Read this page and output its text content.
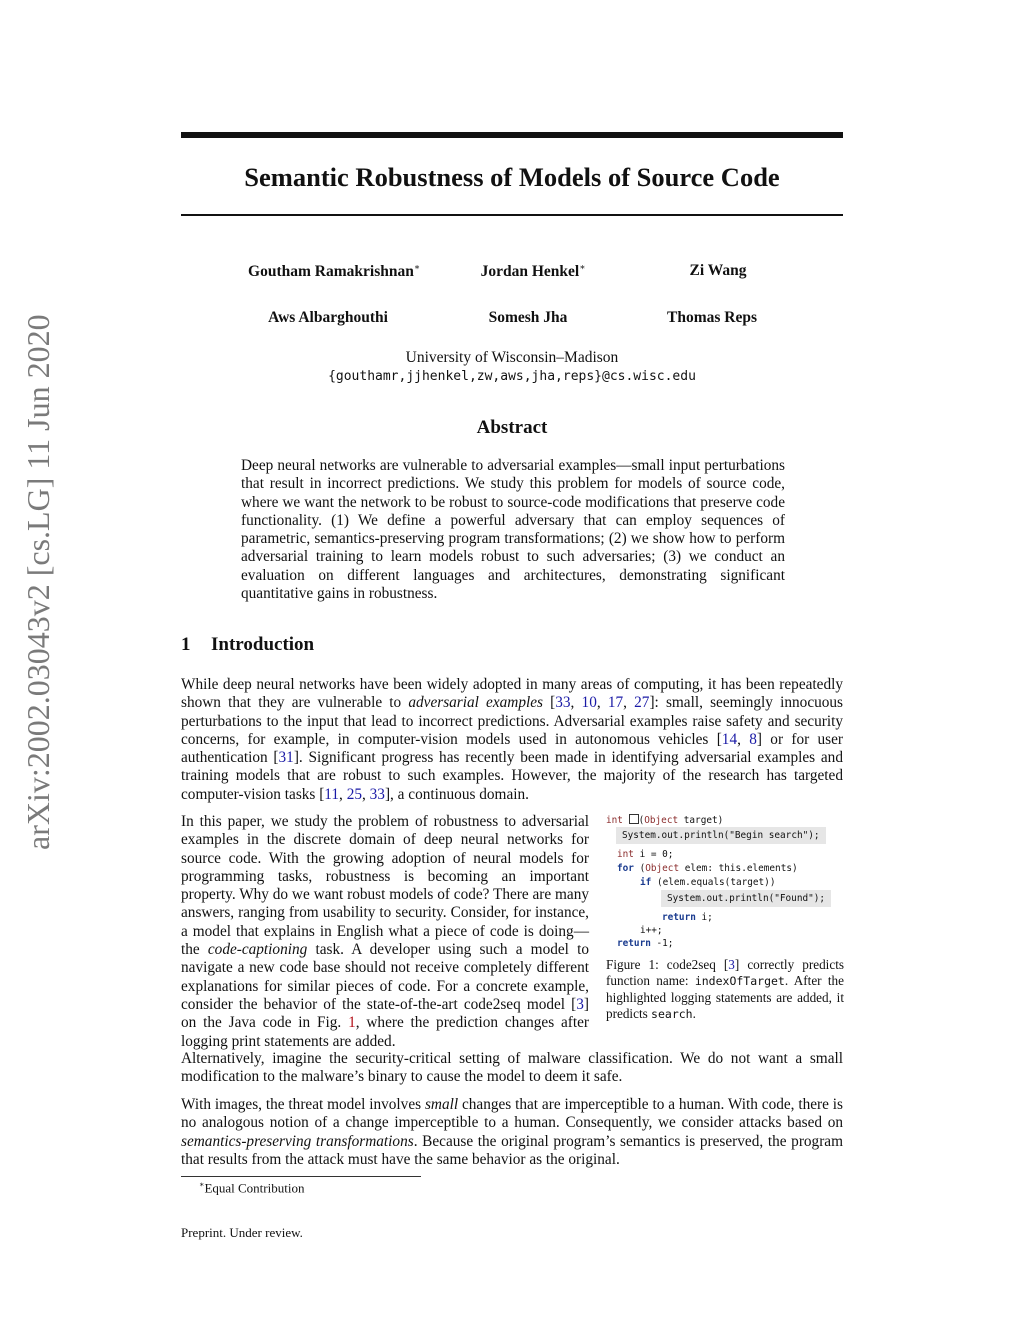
arXiv:2002.03043v2 [cs.LG] 11 Jun 2020
Semantic Robustness of Models of Source Code
Goutham Ramakrishnan∗	Jordan Henkel∗	Zi Wang
Aws Albarghouthi	Somesh Jha	Thomas Reps
University of Wisconsin–Madison
{gouthamr,jjhenkel,zw,aws,jha,reps}@cs.wisc.edu
Abstract
Deep neural networks are vulnerable to adversarial examples—small input perturbations that result in incorrect predictions. We study this problem for models of source code, where we want the network to be robust to source-code modifications that preserve code functionality. (1) We define a powerful adversary that can employ sequences of parametric, semantics-preserving program transformations; (2) we show how to perform adversarial training to learn models robust to such adversaries; (3) we conduct an evaluation on different languages and architectures, demonstrating significant quantitative gains in robustness.
1 Introduction
While deep neural networks have been widely adopted in many areas of computing, it has been repeatedly shown that they are vulnerable to adversarial examples [33, 10, 17, 27]: small, seemingly innocuous perturbations to the input that lead to incorrect predictions. Adversarial examples raise safety and security concerns, for example, in computer-vision models used in autonomous vehicles [14, 8] or for user authentication [31]. Significant progress has recently been made in identifying adversarial examples and training models that are robust to such examples. However, the majority of the research has targeted computer-vision tasks [11, 25, 33], a continuous domain.
In this paper, we study the problem of robustness to adversarial examples in the discrete domain of deep neural networks for source code. With the growing adoption of neural models for programming tasks, robustness is becoming an important property. Why do we want robust models of code? There are many answers, ranging from usability to security. Consider, for instance, a model that explains in English what a piece of code is doing—the code-captioning task. A developer using such a model to navigate a new code base should not receive completely different explanations for similar pieces of code. For a concrete example, consider the behavior of the state-of-the-art code2seq model [3] on the Java code in Fig. 1, where the prediction changes after logging print statements are added.
Alternatively, imagine the security-critical setting of malware classification. We do not want a small modification to the malware’s binary to cause the model to deem it safe.
With images, the threat model involves small changes that are imperceptible to a human. With code, there is no analogous notion of a change imperceptible to a human. Consequently, we consider attacks based on semantics-preserving transformations. Because the original program’s semantics is preserved, the program that results from the attack must have the same behavior as the original.
int (Object target)
System.out.println("Begin search");
int i = 0;
for (Object elem: this.elements)
if (elem.equals(target))
System.out.println("Found");
return i;
i++;
return -1;
Figure 1: code2seq [3] correctly predicts function name: indexOfTarget. After the highlighted logging statements are added, it predicts search.
∗Equal Contribution
Preprint. Under review.
